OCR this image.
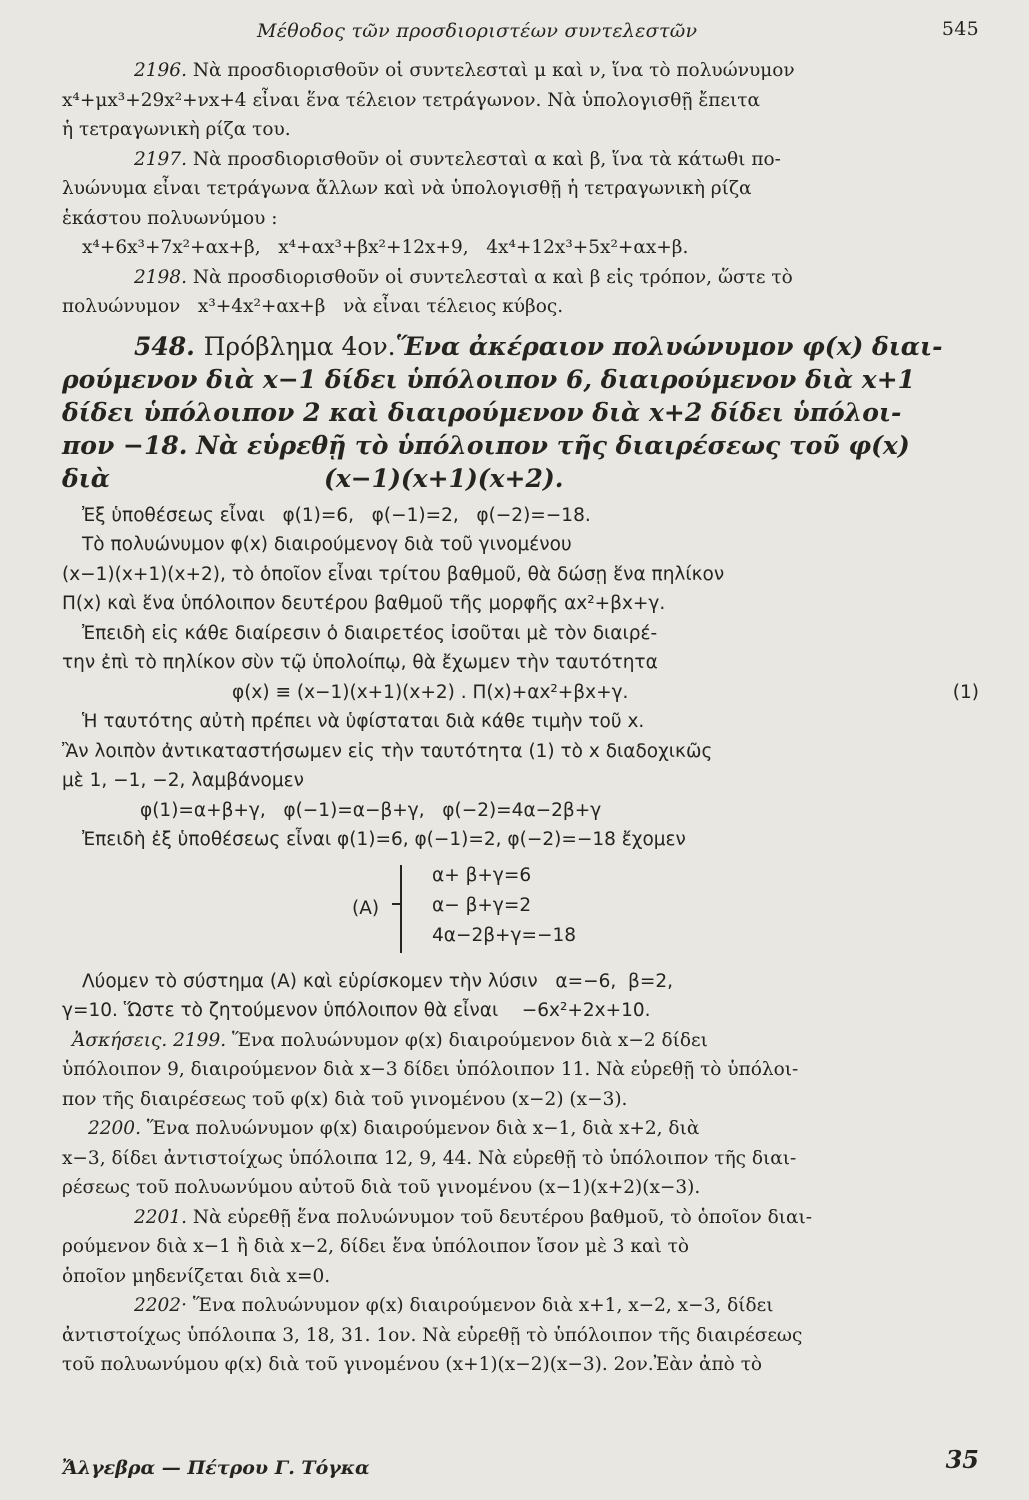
Μέθοδος τῶν προσδιοριστέων συντελεστῶν	545

2196. Νὰ προσδιορισθοῦν οἱ συντελεσταὶ μ καὶ ν, ἵνα τὸ πολυώνυμον

x⁴+μx³+29x²+νx+4 εἶναι ἕνα τέλειον τετράγωνον. Νὰ ὑπολογισθῇ ἔπειτα

ἡ τετραγωνικὴ ρίζα του.

2197. Νὰ προσδιορισθοῦν οἱ συντελεσταὶ α καὶ β, ἵνα τὰ κάτωθι πο-

λυώνυμα εἶναι τετράγωνα ἄλλων καὶ νὰ ὑπολογισθῇ ἡ τετραγωνικὴ ρίζα

ἑκάστου πολυωνύμου :

x⁴+6x³+7x²+αx+β,   x⁴+αx³+βx²+12x+9,   4x⁴+12x³+5x²+αx+β.

2198. Νὰ προσδιορισθοῦν οἱ συντελεσταὶ α καὶ β εἰς τρόπον, ὥστε τὸ

πολυώνυμον   x³+4x²+αx+β   νὰ εἶναι τέλειος κύβος.

548. Πρόβλημα 4ον.Ἕνα ἀκέραιον πολυώνυμον φ(x) διαι-

ρούμενον διὰ x−1 δίδει ὑπόλοιπον 6, διαιρούμενον διὰ x+1

δίδει ὑπόλοιπον 2 καὶ διαιρούμενον διὰ x+2 δίδει ὑπόλοι-

πον −18. Νὰ εὑρεθῇ τὸ ὑπόλοιπον τῆς διαιρέσεως τοῦ φ(x)

διὰ	(x−1)(x+1)(x+2).

Ἐξ ὑποθέσεως εἶναι   φ(1)=6,   φ(−1)=2,   φ(−2)=−18.

Τὸ πολυώνυμον φ(x) διαιρούμενογ διὰ τοῦ γινομένου

(x−1)(x+1)(x+2), τὸ ὁποῖον εἶναι τρίτου βαθμοῦ, θὰ δώσῃ ἕνα πηλίκον

Π(x) καὶ ἕνα ὑπόλοιπον δευτέρου βαθμοῦ τῆς μορφῆς αx²+βx+γ.

Ἐπειδὴ εἰς κάθε διαίρεσιν ὁ διαιρετέος ἰσοῦται μὲ τὸν διαιρέ-

την ἐπὶ τὸ πηλίκον σὺν τῷ ὑπολοίπῳ, θὰ ἔχωμεν τὴν ταυτότητα

φ(x) ≡ (x−1)(x+1)(x+2) . Π(x)+αx²+βx+γ.	(1)

Ἡ ταυτότης αὐτὴ πρέπει νὰ ὑφίσταται διὰ κάθε τιμὴν τοῦ x.

Ἂν λοιπὸν ἀντικαταστήσωμεν εἰς τὴν ταυτότητα (1) τὸ x διαδοχικῶς

μὲ 1, −1, −2, λαμβάνομεν

φ(1)=α+β+γ,   φ(−1)=α−β+γ,   φ(−2)=4α−2β+γ

Ἐπειδὴ ἐξ ὑποθέσεως εἶναι φ(1)=6, φ(−1)=2, φ(−2)=−18 ἔχομεν

(A)
α+ β+γ=6
α− β+γ=2
4α−2β+γ=−18

Λύομεν τὸ σύστημα (A) καὶ εὑρίσκομεν τὴν λύσιν   α=−6,  β=2,

γ=10. Ὥστε τὸ ζητούμενον ὑπόλοιπον θὰ εἶναι    −6x²+2x+10.

Ἀσκήσεις. 2199. Ἕνα πολυώνυμον φ(x) διαιρούμενον διὰ x−2 δίδει

ὑπόλοιπον 9, διαιρούμενον διὰ x−3 δίδει ὑπόλοιπον 11. Νὰ εὑρεθῇ τὸ ὑπόλοι-

πον τῆς διαιρέσεως τοῦ φ(x) διὰ τοῦ γινομένου (x−2) (x−3).

2200. Ἕνα πολυώνυμον φ(x) διαιρούμενον διὰ x−1, διὰ x+2, διὰ

x−3, δίδει ἀντιστοίχως ὑπόλοιπα 12, 9, 44. Νὰ εὑρεθῇ τὸ ὑπόλοιπον τῆς διαι-

ρέσεως τοῦ πολυωνύμου αὐτοῦ διὰ τοῦ γινομένου (x−1)(x+2)(x−3).

2201. Νὰ εὑρεθῇ ἕνα πολυώνυμον τοῦ δευτέρου βαθμοῦ, τὸ ὁποῖον διαι-

ρούμενον διὰ x−1 ἢ διὰ x−2, δίδει ἕνα ὑπόλοιπον ἴσον μὲ 3 καὶ τὸ

ὁποῖον μηδενίζεται διὰ x=0.

2202· Ἕνα πολυώνυμον φ(x) διαιρούμενον διὰ x+1, x−2, x−3, δίδει

ἀντιστοίχως ὑπόλοιπα 3, 18, 31. 1ον. Νὰ εὑρεθῇ τὸ ὑπόλοιπον τῆς διαιρέσεως

τοῦ πολυωνύμου φ(x) διὰ τοῦ γινομένου (x+1)(x−2)(x−3). 2ον.Ἐὰν ἀπὸ τὸ

Ἄλγεβρα — Πέτρου Γ. Τόγκα	35
